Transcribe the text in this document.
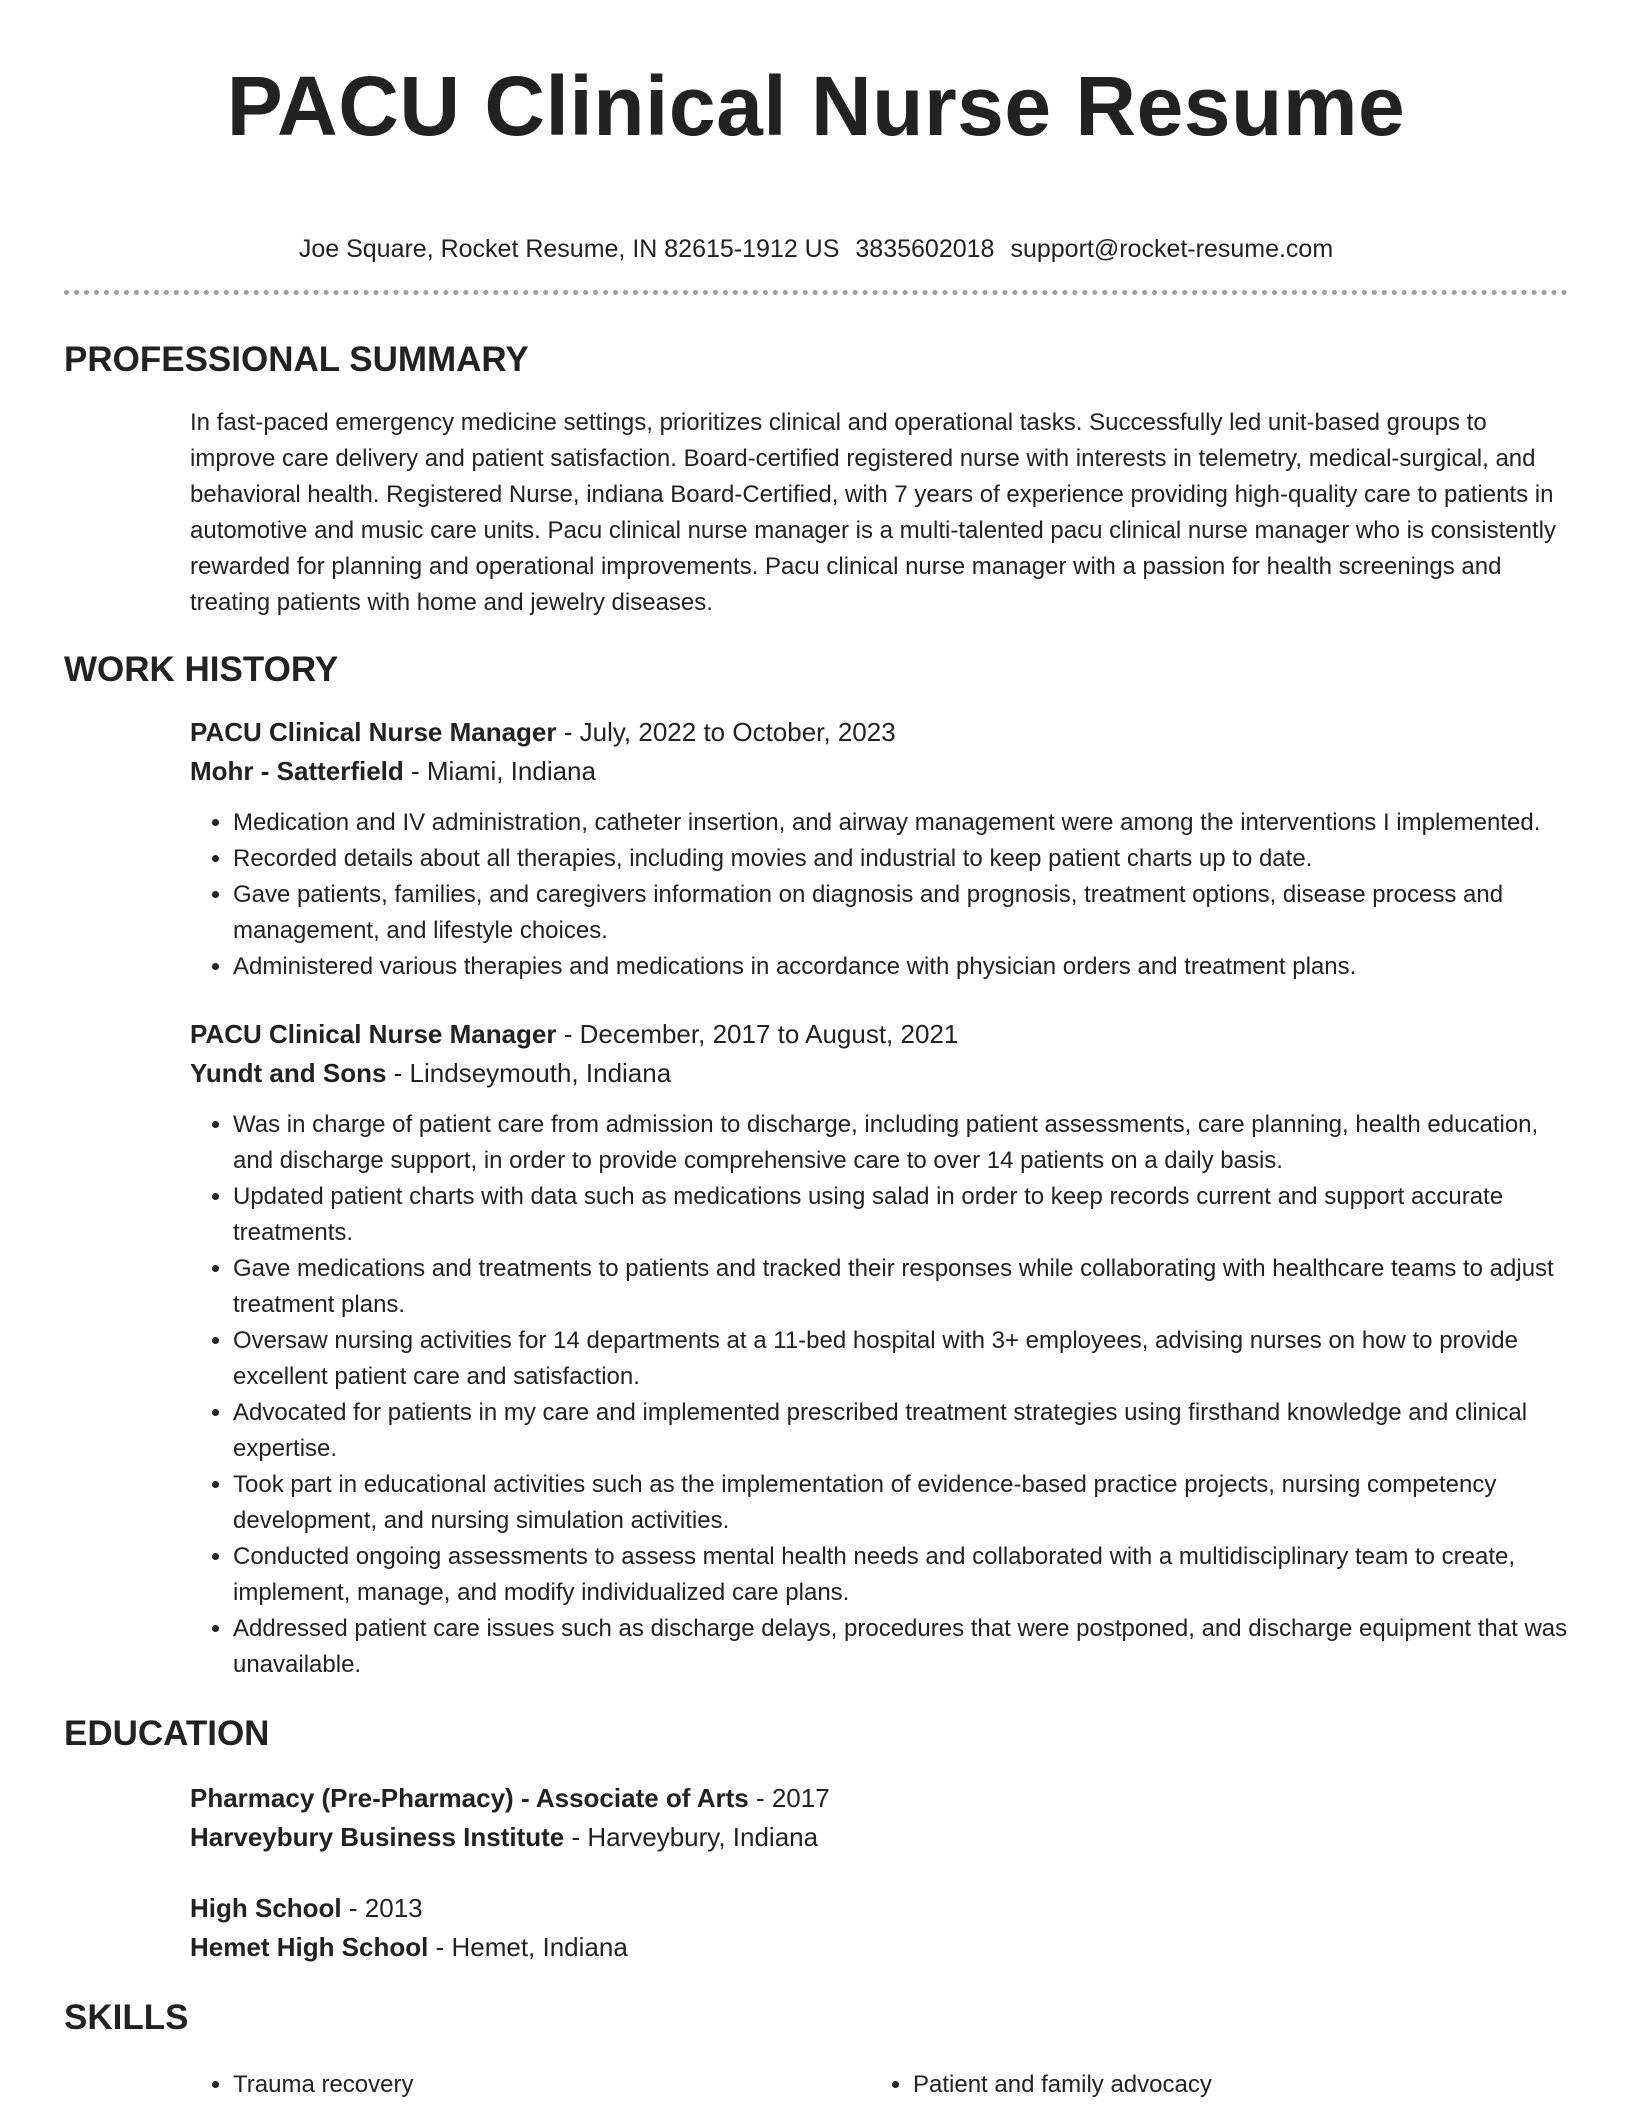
PACU Clinical Nurse Resume
Joe Square, Rocket Resume, IN 82615-1912 US 3835602018 support@rocket-resume.com
PROFESSIONAL SUMMARY

In fast-paced emergency medicine settings, prioritizes clinical and operational tasks. Successfully led unit-based groups to improve care delivery and patient satisfaction. Board-certified registered nurse with interests in telemetry, medical-surgical, and behavioral health. Registered Nurse, indiana Board-Certified, with 7 years of experience providing high-quality care to patients in automotive and music care units. Pacu clinical nurse manager is a multi-talented pacu clinical nurse manager who is consistently rewarded for planning and operational improvements. Pacu clinical nurse manager with a passion for health screenings and treating patients with home and jewelry diseases.

WORK HISTORY
PACU Clinical Nurse Manager - July, 2022 to October, 2023
Mohr - Satterfield - Miami, Indiana
• Medication and IV administration, catheter insertion, and airway management were among the interventions I implemented.
• Recorded details about all therapies, including movies and industrial to keep patient charts up to date.
• Gave patients, families, and caregivers information on diagnosis and prognosis, treatment options, disease process and management, and lifestyle choices.
• Administered various therapies and medications in accordance with physician orders and treatment plans.
PACU Clinical Nurse Manager - December, 2017 to August, 2021
Yundt and Sons - Lindseymouth, Indiana
• Was in charge of patient care from admission to discharge, including patient assessments, care planning, health education, and discharge support, in order to provide comprehensive care to over 14 patients on a daily basis.
• Updated patient charts with data such as medications using salad in order to keep records current and support accurate treatments.
• Gave medications and treatments to patients and tracked their responses while collaborating with healthcare teams to adjust treatment plans.
• Oversaw nursing activities for 14 departments at a 11-bed hospital with 3+ employees, advising nurses on how to provide excellent patient care and satisfaction.
• Advocated for patients in my care and implemented prescribed treatment strategies using firsthand knowledge and clinical expertise.
• Took part in educational activities such as the implementation of evidence-based practice projects, nursing competency development, and nursing simulation activities.
• Conducted ongoing assessments to assess mental health needs and collaborated with a multidisciplinary team to create, implement, manage, and modify individualized care plans.
• Addressed patient care issues such as discharge delays, procedures that were postponed, and discharge equipment that was unavailable.
EDUCATION
Pharmacy (Pre-Pharmacy) - Associate of Arts - 2017
Harveybury Business Institute - Harveybury, Indiana
High School - 2013
Hemet High School - Hemet, Indiana
SKILLS
• Trauma recovery
•	Patient and family advocacy
